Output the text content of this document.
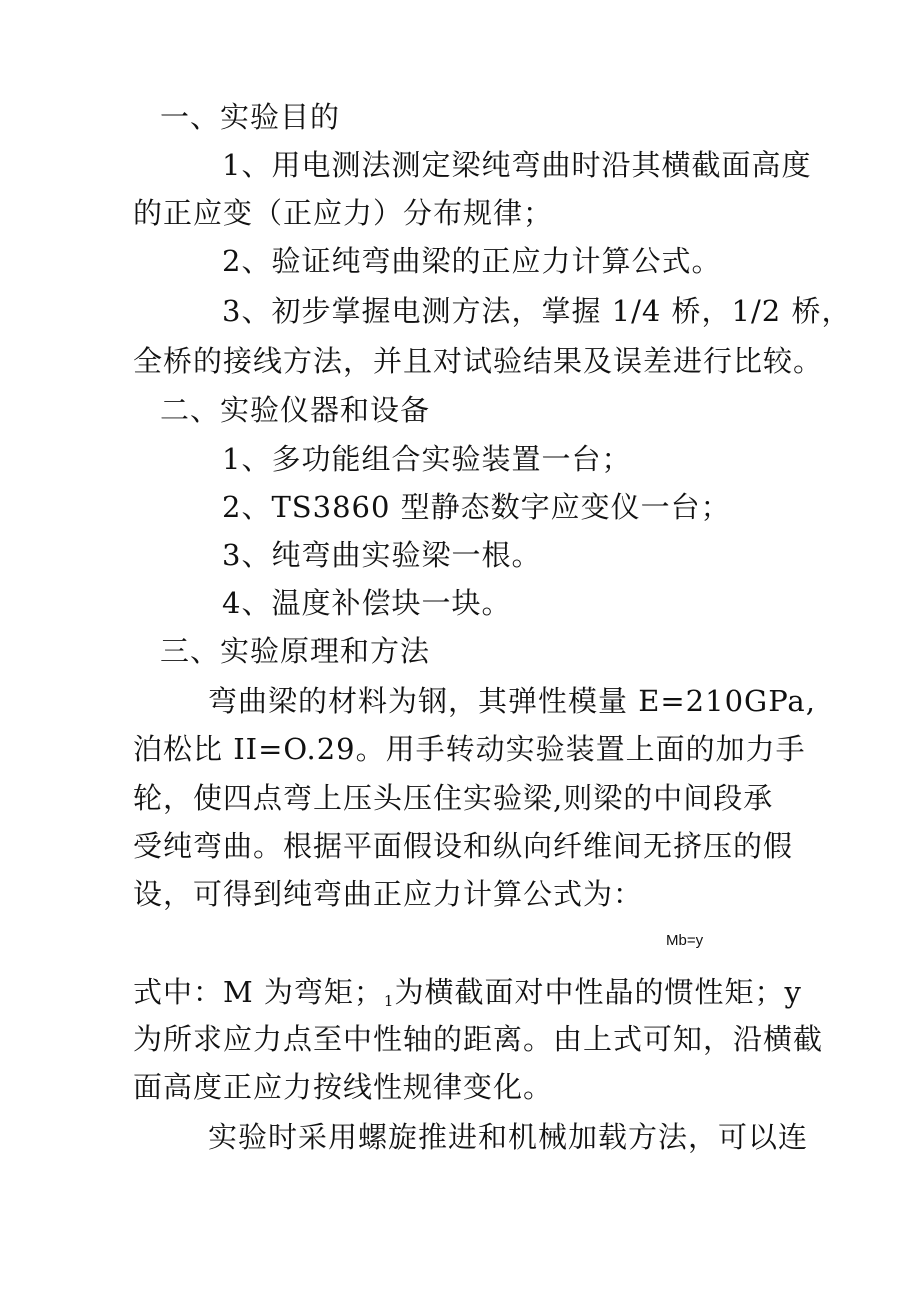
一、实验目的

1、用电测法测定梁纯弯曲时沿其横截面高度

的正应变（正应力）分布规律；

2、验证纯弯曲梁的正应力计算公式。

3、初步掌握电测方法，掌握 1/4 桥，1/2 桥，

全桥的接线方法，并且对试验结果及误差进行比较。

二、实验仪器和设备

1、多功能组合实验装置一台；

2、TS3860 型静态数字应变仪一台；

3、纯弯曲实验梁一根。

4、温度补偿块一块。

三、实验原理和方法

弯曲梁的材料为钢，其弹性模量 E=210GPa,

泊松比 II=O.29。用手转动实验装置上面的加力手

轮，使四点弯上压头压住实验梁,则梁的中间段承

受纯弯曲。根据平面假设和纵向纤维间无挤压的假

设，可得到纯弯曲正应力计算公式为：

Mb=y

式中：M 为弯矩；$_1$为横截面对中性晶的惯性矩；y

为所求应力点至中性轴的距离。由上式可知，沿横截

面高度正应力按线性规律变化。

实验时采用螺旋推进和机械加载方法，可以连
